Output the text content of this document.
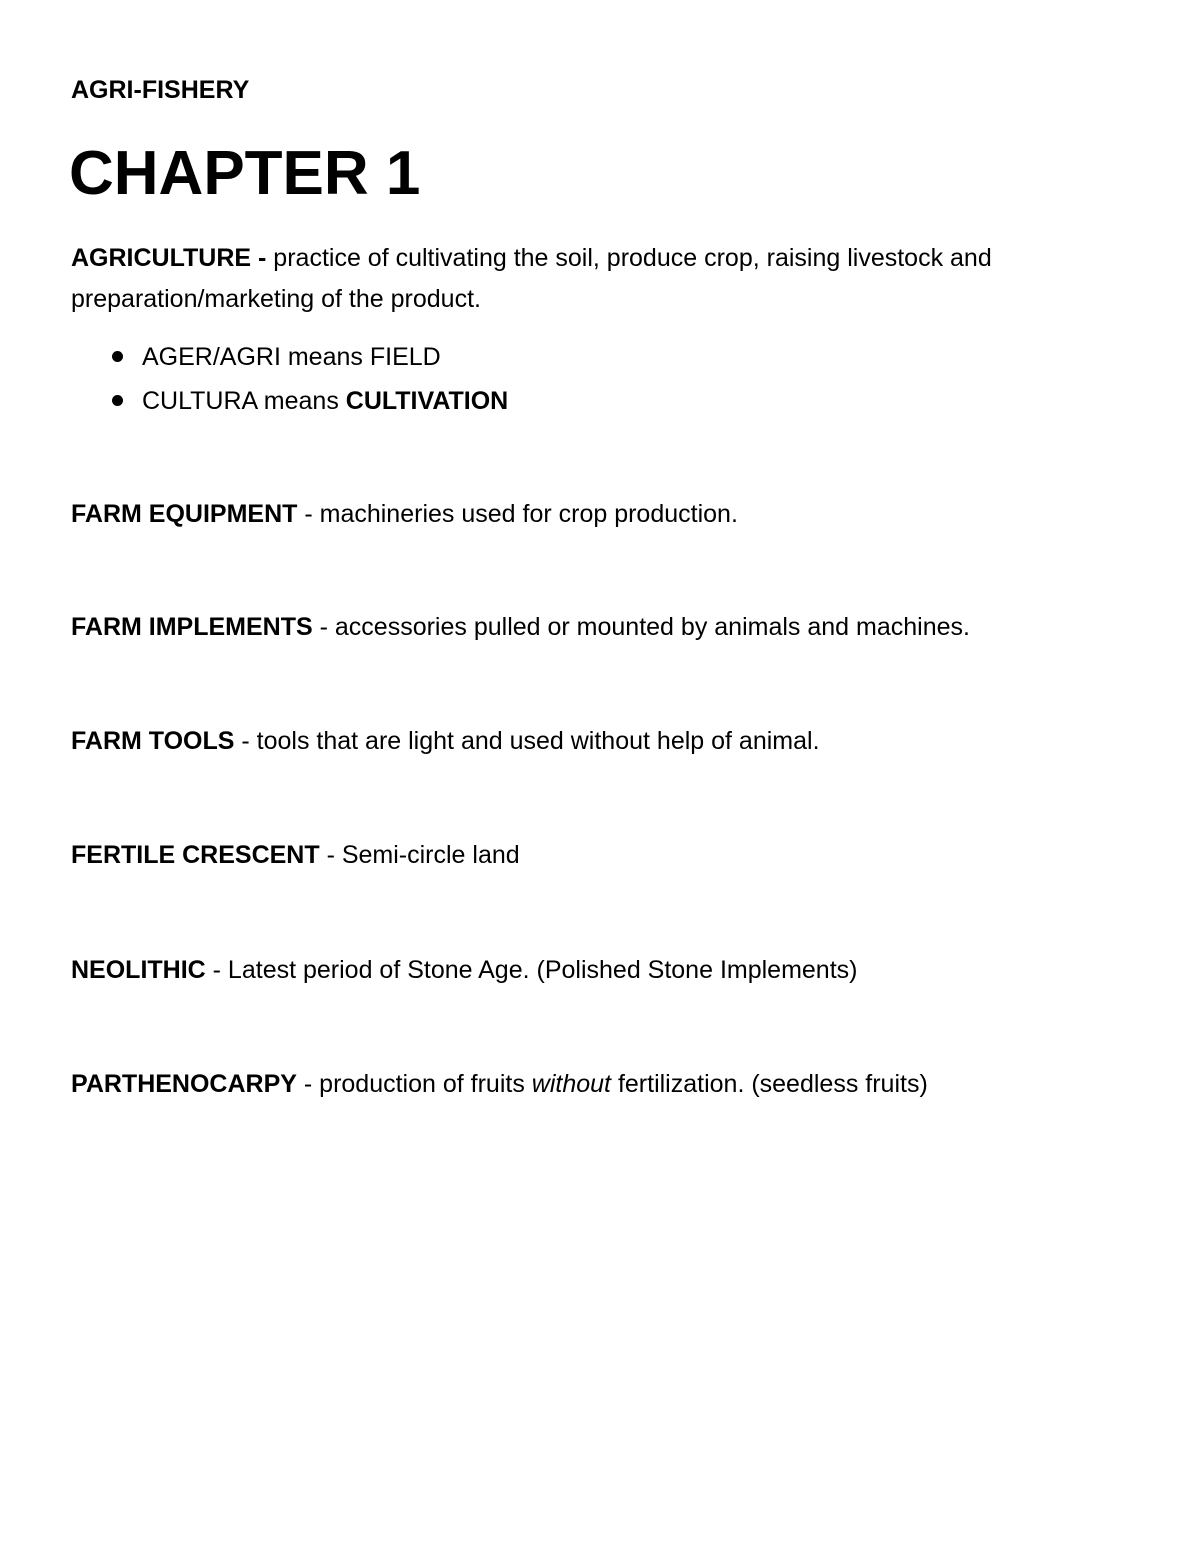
AGRI-FISHERY
CHAPTER 1
AGRICULTURE - practice of cultivating the soil, produce crop, raising livestock and preparation/marketing of the product.
AGER/AGRI means FIELD
CULTURA means CULTIVATION
FARM EQUIPMENT - machineries used for crop production.
FARM IMPLEMENTS - accessories pulled or mounted by animals and machines.
FARM TOOLS - tools that are light and used without help of animal.
FERTILE CRESCENT - Semi-circle land
NEOLITHIC - Latest period of Stone Age. (Polished Stone Implements)
PARTHENOCARPY - production of fruits without fertilization. (seedless fruits)
